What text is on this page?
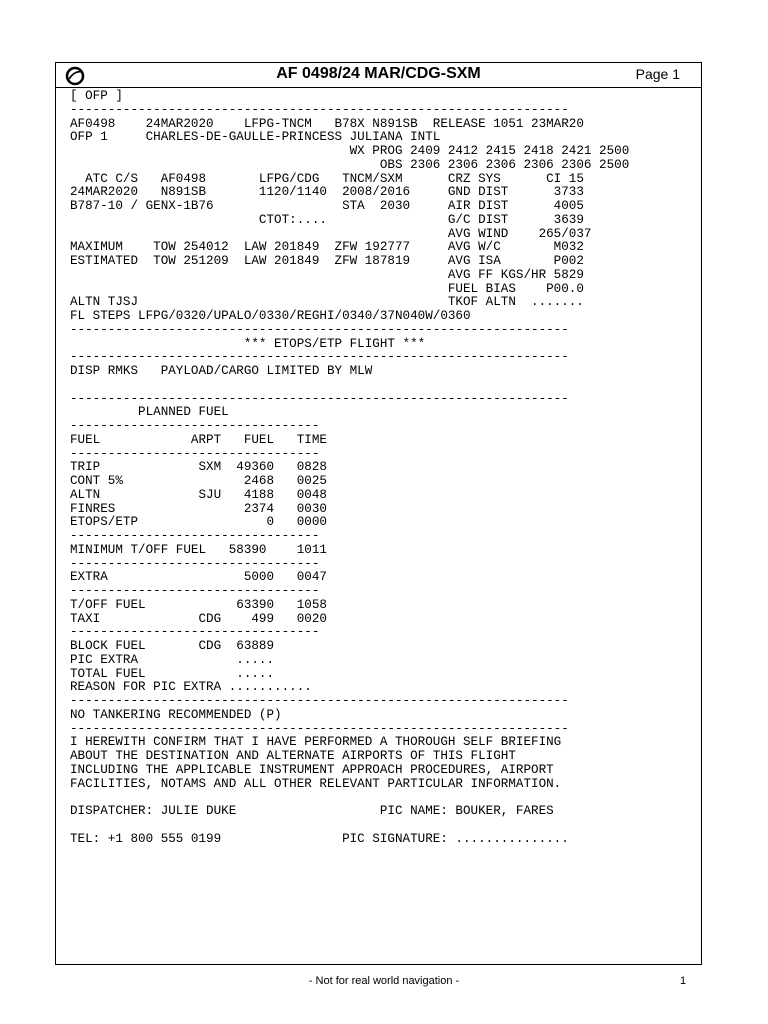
AF 0498/24 MAR/CDG-SXM	Page 1
[ OFP ]
------------------------------------------------------------------
AF0498    24MAR2020    LFPG-TNCM   B78X N891SB  RELEASE 1051 23MAR20
OFP 1     CHARLES-DE-GAULLE-PRINCESS JULIANA INTL
WX PROG 2409 2412 2415 2418 2421 2500
OBS 2306 2306 2306 2306 2306 2500
ATC C/S   AF0498       LFPG/CDG   TNCM/SXM      CRZ SYS      CI 15
24MAR2020   N891SB       1120/1140  2008/2016     GND DIST      3733
B787-10 / GENX-1B76                 STA  2030     AIR DIST      4005
CTOT:....                G/C DIST      3639
AVG WIND    265/037
MAXIMUM    TOW 254012  LAW 201849  ZFW 192777     AVG W/C       M032
ESTIMATED  TOW 251209  LAW 201849  ZFW 187819     AVG ISA       P002
AVG FF KGS/HR 5829
FUEL BIAS    P00.0
ALTN TJSJ                                         TKOF ALTN  .......
FL STEPS LFPG/0320/UPALO/0330/REGHI/0340/37N040W/0360
------------------------------------------------------------------
*** ETOPS/ETP FLIGHT ***
------------------------------------------------------------------
DISP RMKS   PAYLOAD/CARGO LIMITED BY MLW
------------------------------------------------------------------
PLANNED FUEL
---------------------------------
FUEL            ARPT   FUEL   TIME
---------------------------------
TRIP             SXM  49360   0828
CONT 5%                2468   0025
ALTN             SJU   4188   0048
FINRES                 2374   0030
ETOPS/ETP                 0   0000
---------------------------------
MINIMUM T/OFF FUEL   58390    1011
---------------------------------
EXTRA                  5000   0047
---------------------------------
T/OFF FUEL            63390   1058
TAXI             CDG    499   0020
---------------------------------
BLOCK FUEL       CDG  63889
PIC EXTRA             .....
TOTAL FUEL            .....
REASON FOR PIC EXTRA ...........
------------------------------------------------------------------
NO TANKERING RECOMMENDED (P)
------------------------------------------------------------------
I HEREWITH CONFIRM THAT I HAVE PERFORMED A THOROUGH SELF BRIEFING
ABOUT THE DESTINATION AND ALTERNATE AIRPORTS OF THIS FLIGHT
INCLUDING THE APPLICABLE INSTRUMENT APPROACH PROCEDURES, AIRPORT
FACILITIES, NOTAMS AND ALL OTHER RELEVANT PARTICULAR INFORMATION.
DISPATCHER: JULIE DUKE                   PIC NAME: BOUKER, FARES
TEL: +1 800 555 0199                PIC SIGNATURE: ...............
- Not for real world navigation -	1
